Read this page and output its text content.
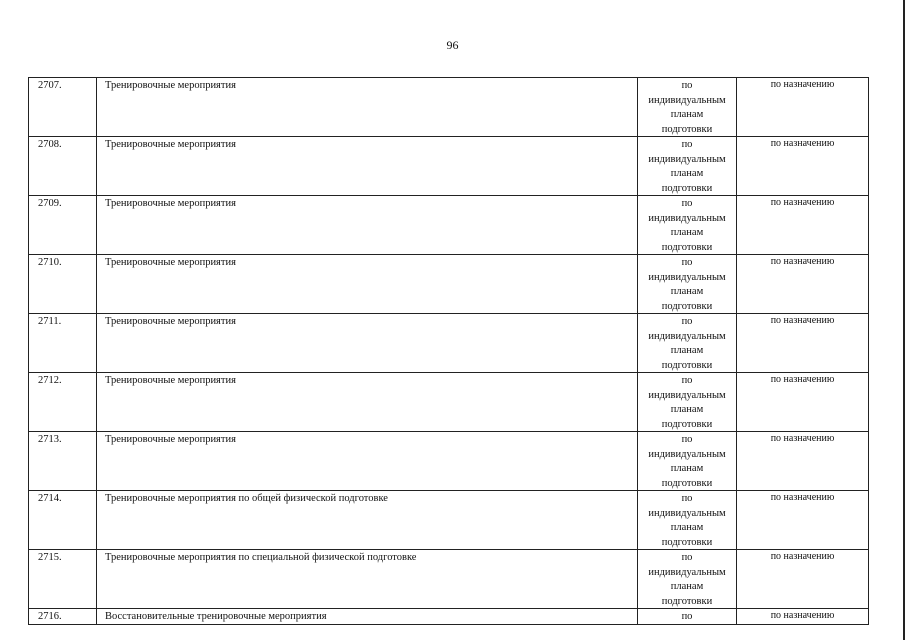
96
2707.	Тренировочные мероприятия	по
индивидуальным
планам
подготовки	по назначению

2708.	Тренировочные мероприятия	по
индивидуальным
планам
подготовки	по назначению

2709.	Тренировочные мероприятия	по
индивидуальным
планам
подготовки	по назначению

2710.	Тренировочные мероприятия	по
индивидуальным
планам
подготовки	по назначению

2711.	Тренировочные мероприятия	по
индивидуальным
планам
подготовки	по назначению

2712.	Тренировочные мероприятия	по
индивидуальным
планам
подготовки	по назначению

2713.	Тренировочные мероприятия	по
индивидуальным
планам
подготовки	по назначению

2714.	Тренировочные мероприятия по общей физической подготовке	по
индивидуальным
планам
подготовки	по назначению

2715.	Тренировочные мероприятия по специальной физической подготовке	по
индивидуальным
планам
подготовки	по назначению

2716.	Восстановительные тренировочные мероприятия	по	по назначению
